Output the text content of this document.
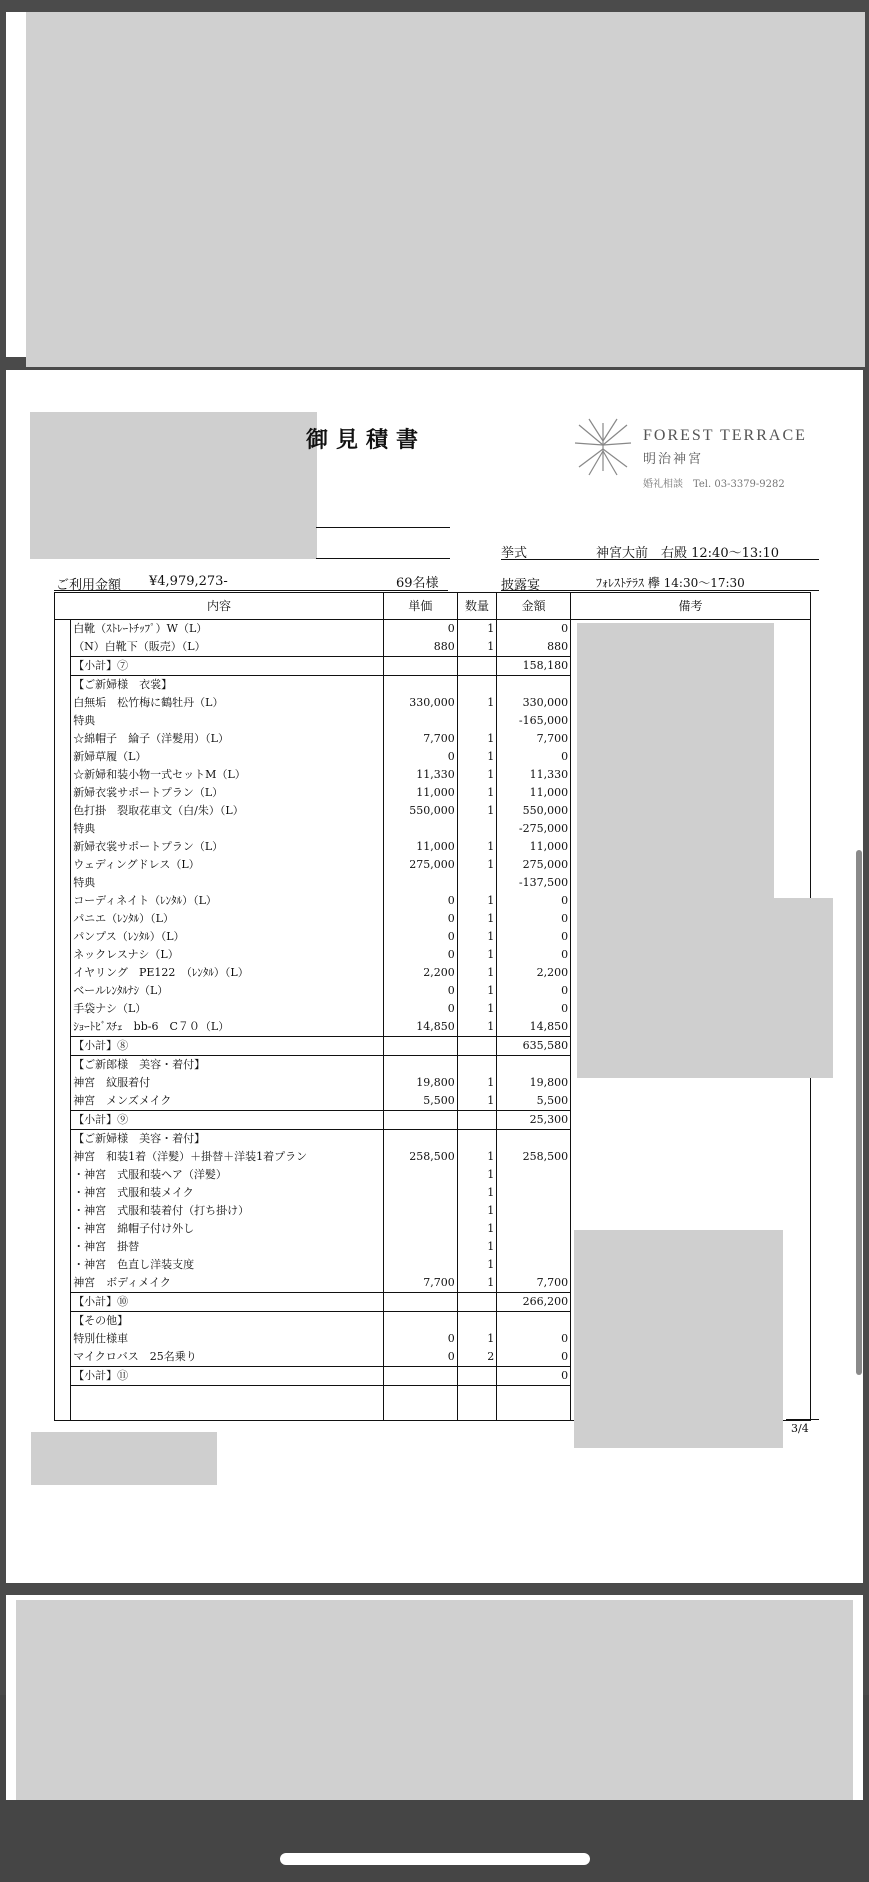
御見積書	FOREST TERRACE
明治神宮
婚礼相談　Tel. 03-3379-9282
挙式	神宮大前　右殿 12:40〜13:10
ご利用金額 ¥4,979,273-	69名様	披露宴	ﾌｫﾚｽﾄﾃﾗｽ 欅 14:30〜17:30
内容		単価	数量	金額	備考
	白靴（ｽﾄﾚｰﾄﾁｯﾌﾟ）W（L）	0	1	0	
	（N）白靴下（販売）（L）	880	1	880	
	【小計】⑦			158,180	
	【ご新婦様　衣裳】				
	白無垢　松竹梅に鶴牡丹（L）	330,000	1	330,000	
	特典			-165,000	
	☆綿帽子　綸子（洋髪用）（L）	7,700	1	7,700	
	新婦草履（L）	0	1	0	
	☆新婦和装小物一式セットM（L）	11,330	1	11,330	
	新婦衣裳サポートプラン（L）	11,000	1	11,000	
	色打掛　裂取花車文（白/朱）（L）	550,000	1	550,000	
	特典			-275,000	
	新婦衣裳サポートプラン（L）	11,000	1	11,000	
	ウェディングドレス（L）	275,000	1	275,000	
	特典			-137,500	
	コーディネイト（ﾚﾝﾀﾙ）（L）	0	1	0	
	パニエ（ﾚﾝﾀﾙ）（L）	0	1	0	
	パンプス（ﾚﾝﾀﾙ）（L）	0	1	0	
	ネックレスナシ（L）	0	1	0	
	イヤリング　PE122　（ﾚﾝﾀﾙ）（L）	2,200	1	2,200	
	ベールﾚﾝﾀﾙﾅｼ（L）	0	1	0	
	手袋ナシ（L）	0	1	0	
	ｼｮｰﾄﾋﾞｽﾁｪ　bb-6　C７０（L）	14,850	1	14,850	
	【小計】⑧			635,580	
	【ご新郎様　美容・着付】				
	神宮　紋服着付	19,800	1	19,800	
	神宮　メンズメイク	5,500	1	5,500	
	【小計】⑨			25,300	
	【ご新婦様　美容・着付】				
	神宮　和装1着（洋髪）＋掛替＋洋装1着プラン	258,500	1	258,500	
	・神宮　式服和装ヘア（洋髪）		1		
	・神宮　式服和装メイク		1		
	・神宮　式服和装着付（打ち掛け）		1		
	・神宮　綿帽子付け外し		1		
	・神宮　掛替		1		
	・神宮　色直し洋装支度		1		
	神宮　ボディメイク	7,700	1	7,700	
	【小計】⑩			266,200	
	【その他】				
	特別仕様車	0	1	0	
	マイクロバス　25名乗り	0	2	0	
	【小計】⑪			0	

3/4
